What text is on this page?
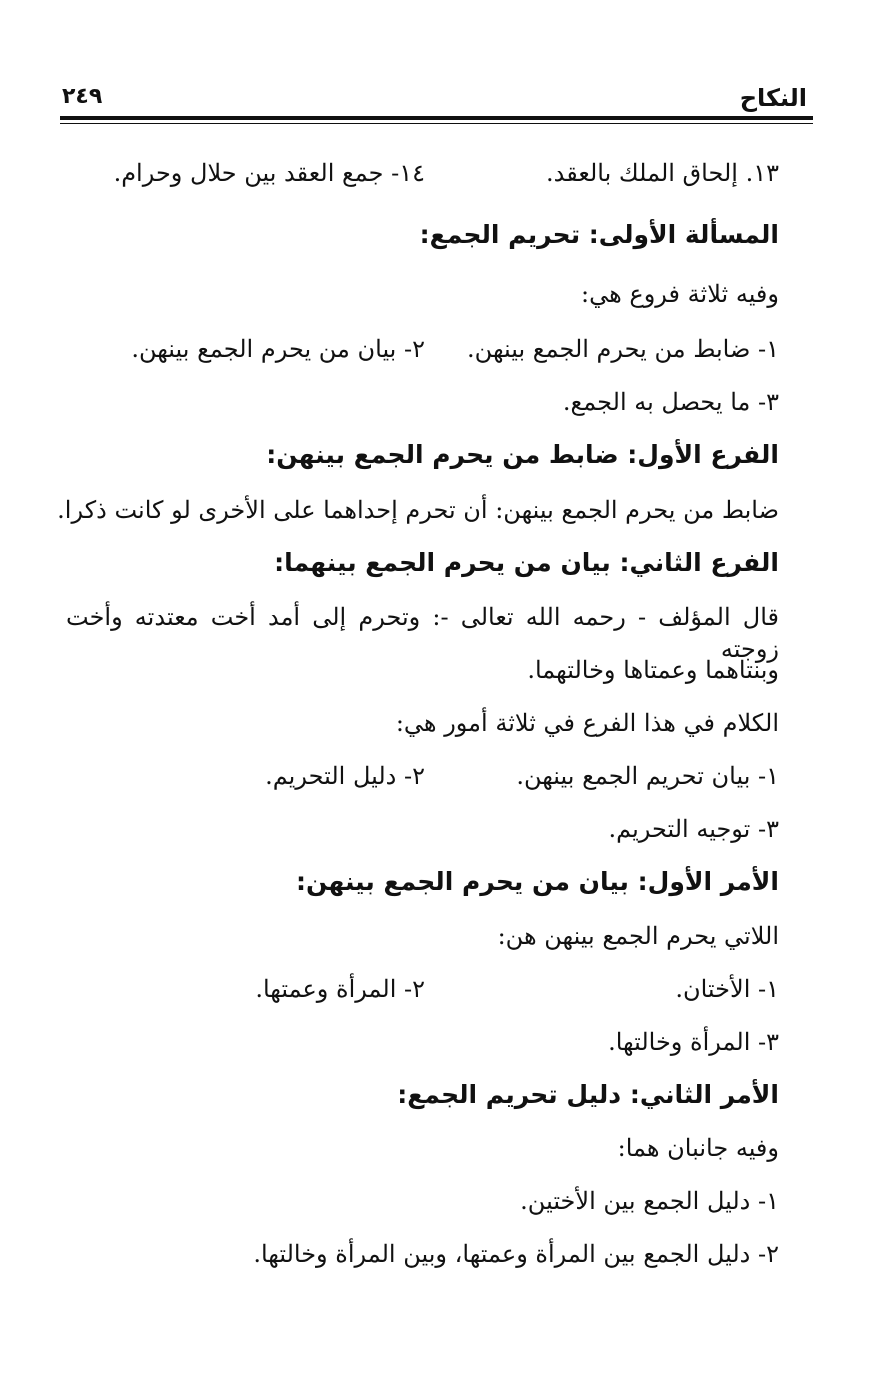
النكاح
٢٤٩
١٣. إلحاق الملك بالعقد.
١٤- جمع العقد بين حلال وحرام.
المسألة الأولى: تحريم الجمع:
وفيه ثلاثة فروع هي:
١- ضابط من يحرم الجمع بينهن.
٢- بيان من يحرم الجمع بينهن.
٣- ما يحصل به الجمع.
الفرع الأول: ضابط من يحرم الجمع بينهن:
ضابط من يحرم الجمع بينهن: أن تحرم إحداهما على الأخرى لو كانت ذكرا.
الفرع الثاني: بيان من يحرم الجمع بينهما:
قال المؤلف - رحمه الله تعالى -: وتحرم إلى أمد أخت معتدته وأخت زوجته
وبنتاهما وعمتاها وخالتهما.
الكلام في هذا الفرع في ثلاثة أمور هي:
١- بيان تحريم الجمع بينهن.
٢- دليل التحريم.
٣- توجيه التحريم.
الأمر الأول: بيان من يحرم الجمع بينهن:
اللاتي يحرم الجمع بينهن هن:
١- الأختان.
٢- المرأة وعمتها.
٣- المرأة وخالتها.
الأمر الثاني: دليل تحريم الجمع:
وفيه جانبان هما:
١- دليل الجمع بين الأختين.
٢- دليل الجمع بين المرأة وعمتها، وبين المرأة وخالتها.
